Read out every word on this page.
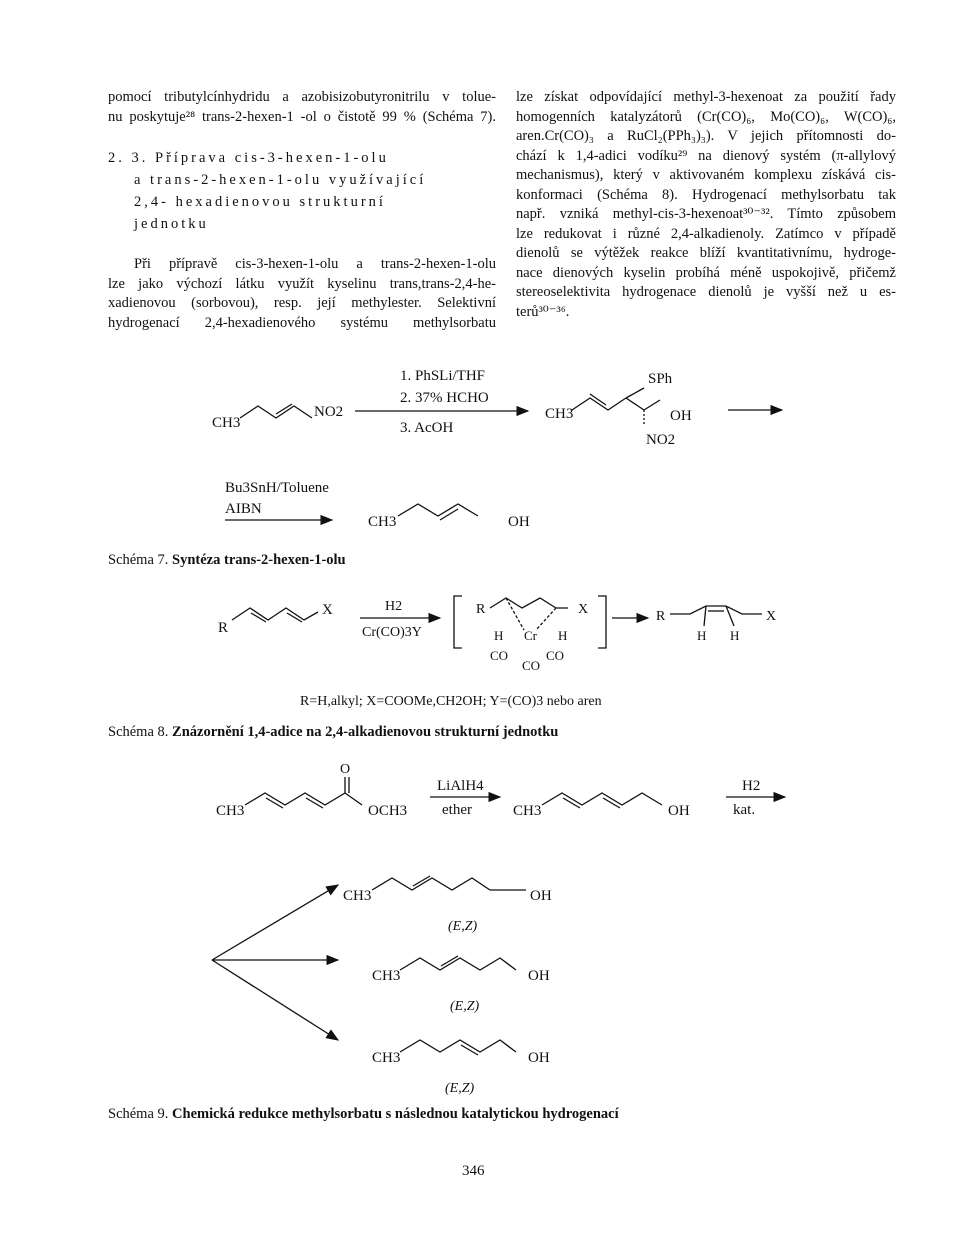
pomocí tributylcínhydridu a azobisizobutyronitrilu v tolue-
nu poskytuje²⁸ trans-2-hexen-1 -ol o čistotě 99 % (Schéma 7).
2. 3. Příprava cis-3-hexen-1-olu
a trans-2-hexen-1-olu využívající
2,4- hexadienovou strukturní
jednotku
Při přípravě cis-3-hexen-1-olu a trans-2-hexen-1-olu
lze jako výchozí látku využít kyselinu trans,trans-2,4-he-
xadienovou (sorbovou), resp. její methylester. Selektivní
hydrogenací 2,4-hexadienového systému methylsorbatu
lze získat odpovídající methyl-3-hexenoat za použití řady
homogenních katalyzátorů (Cr(CO)₆, Mo(CO)₆, W(CO)₆,
aren.Cr(CO)₃ a RuCl₂(PPh₃)₃). V jejich přítomnosti do-
chází k 1,4-adici vodíku²⁹ na dienový systém (π-allylový
mechanismus), který v aktivovaném komplexu získává cis-
konformaci (Schéma 8). Hydrogenací methylsorbatu tak
např. vzniká methyl-cis-3-hexenoat³⁰⁻³². Tímto způsobem
lze redukovat i různé 2,4-alkadienoly. Zatímco v případě
dienolů se výtěžek reakce blíží kvantitativnímu, hydroge-
nace dienových kyselin probíhá méně uspokojivě, přičemž
stereoselektivita hydrogenace dienolů je vyšší než u es-
terů³⁰⁻³⁶.
CH3
NO2
1. PhSLi/THF
2. 37% HCHO
3. AcOH
CH3
SPh
NO2
OH
Bu3SnH/Toluene
AIBN
CH3	OH
R
X	H2
Cr(CO)3Y
R	X
H Cr H
CO	CO
CO
R	X
H H
R=H,alkyl; X=COOMe,CH2OH; Y=(CO)3 nebo aren
CH3
O
OCH3
LiAlH4
ether	CH3	OH
H2
kat.
CH3	OH
(E,Z)
CH3	OH
(E,Z)
CH3	OH
(E,Z)
Schéma 7. Syntéza trans-2-hexen-1-olu
Schéma 8. Znázornění 1,4-adice na 2,4-alkadienovou strukturní jednotku
Schéma 9. Chemická redukce methylsorbatu s následnou katalytickou hydrogenací
346
